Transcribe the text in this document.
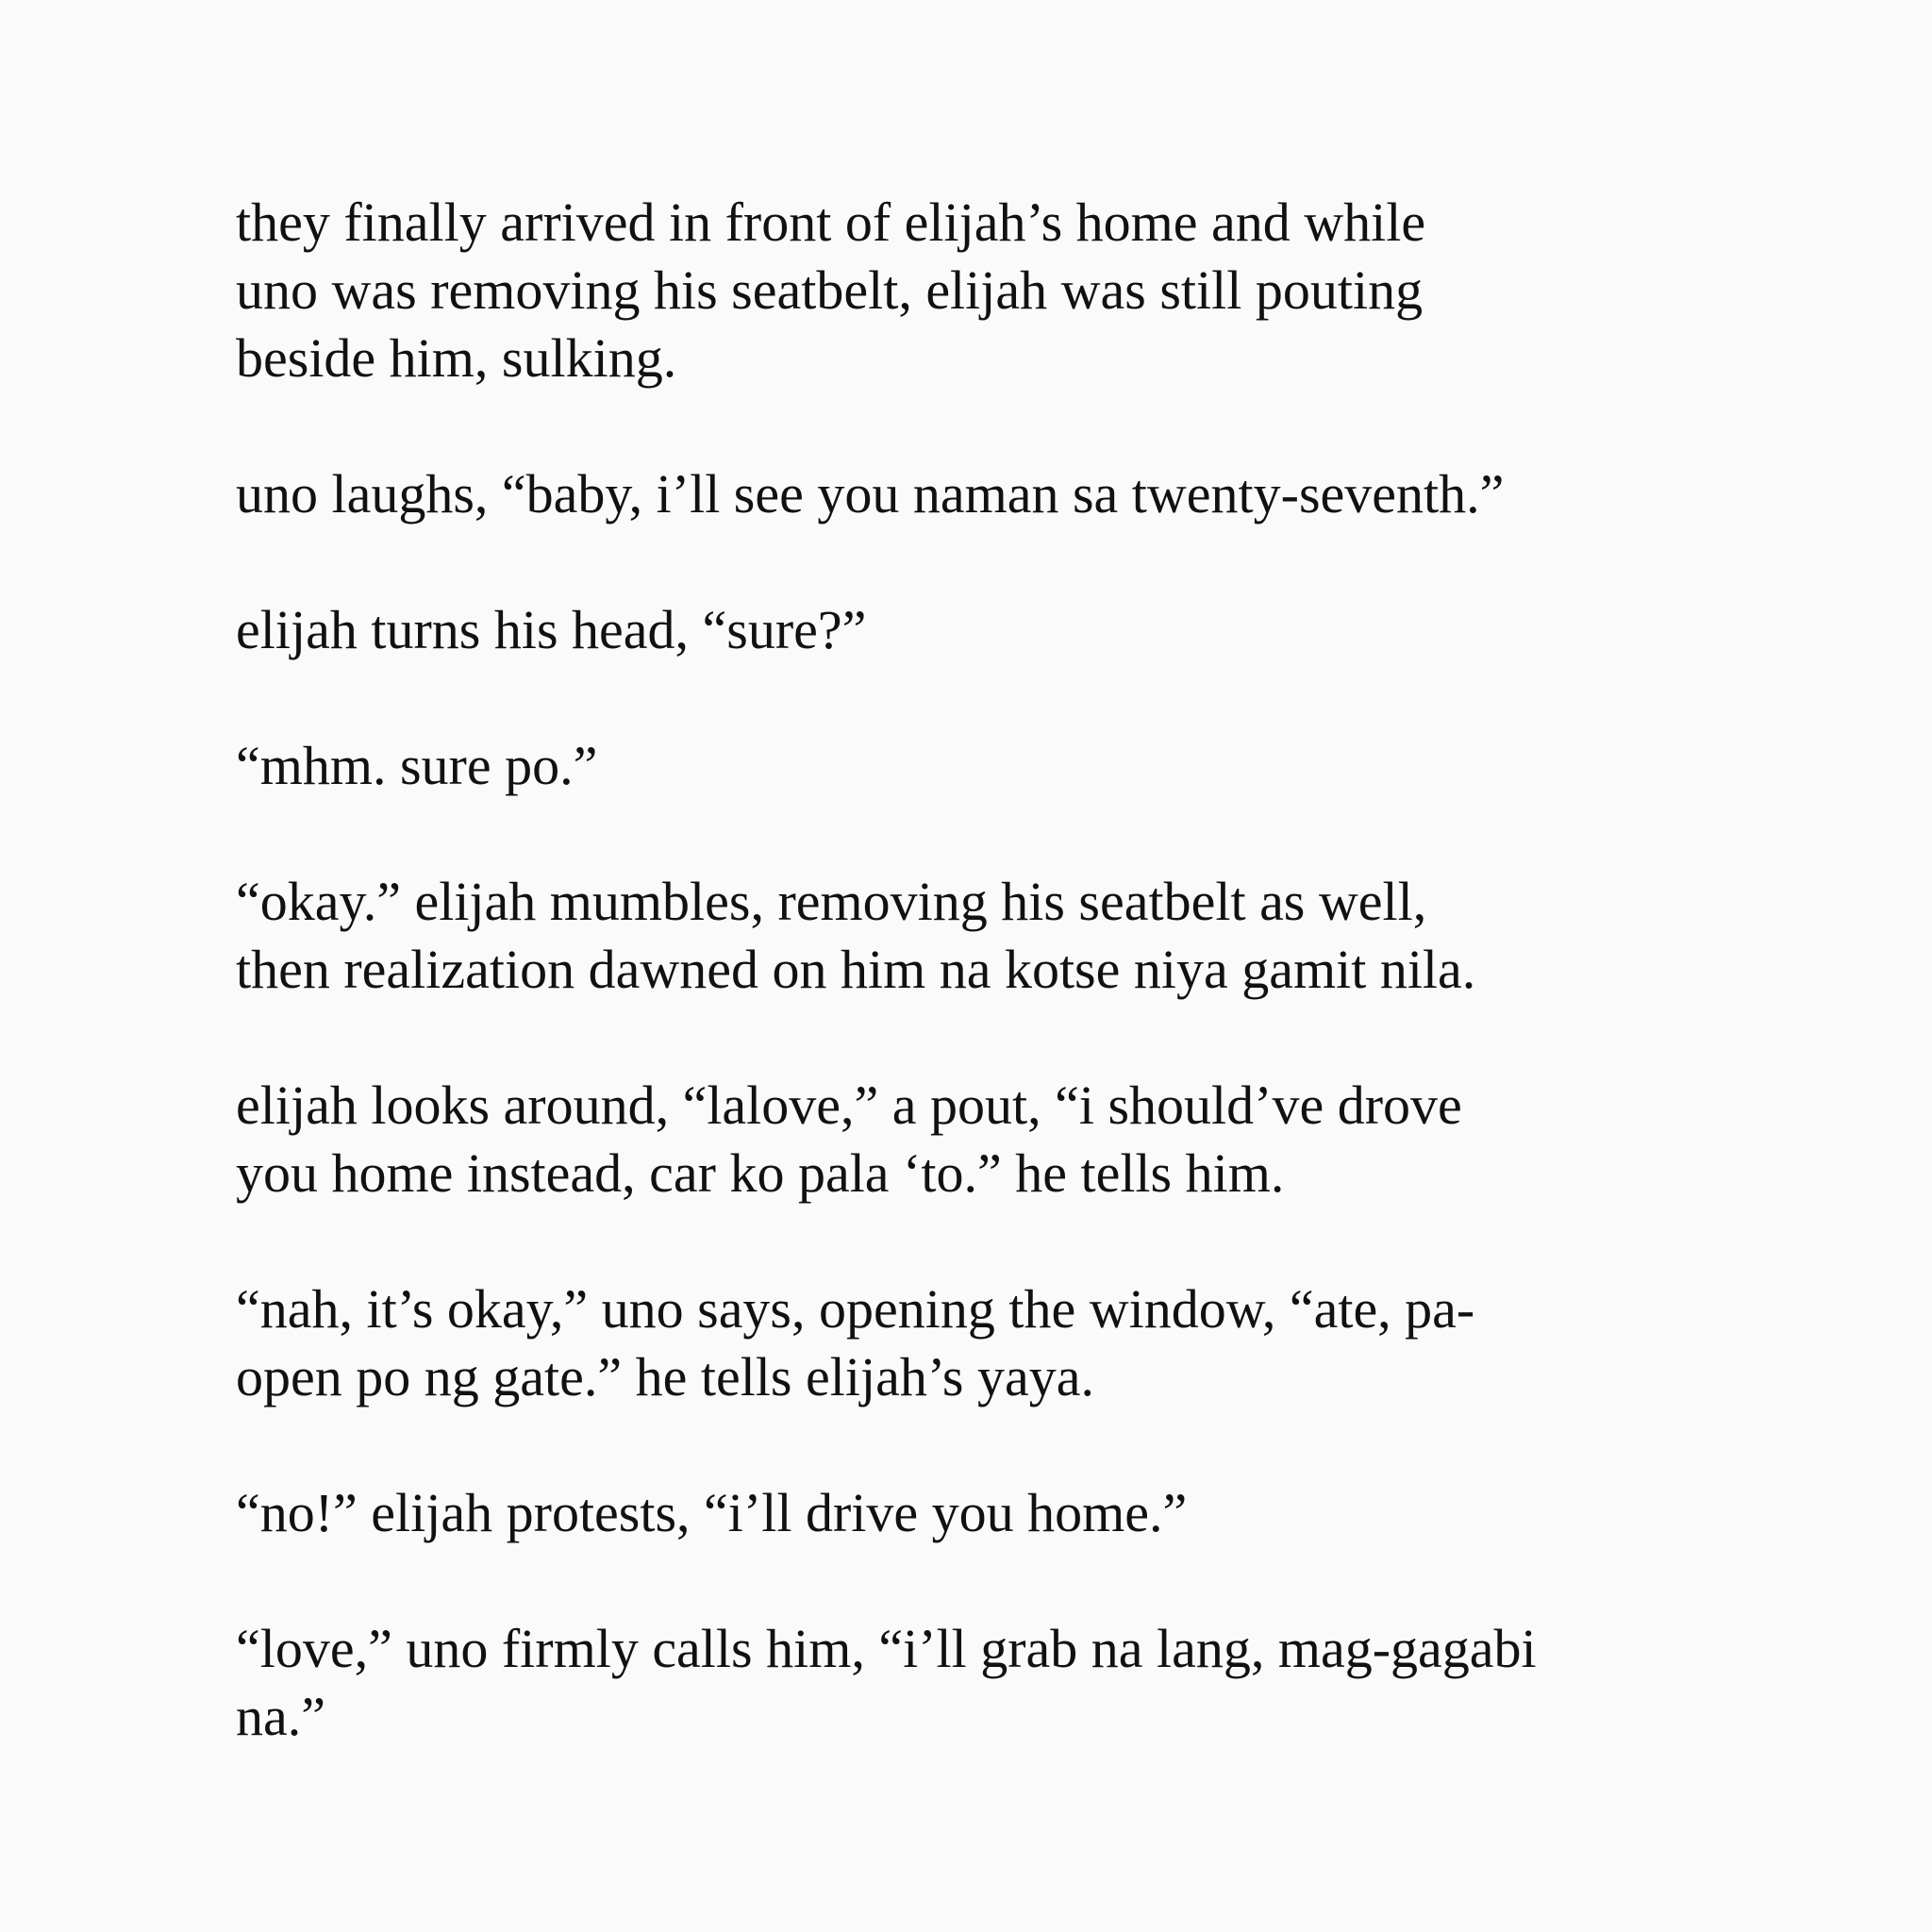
they finally arrived in front of elijah’s home and while
uno was removing his seatbelt, elijah was still pouting
beside him, sulking.

uno laughs, “baby, i’ll see you naman sa twenty-seventh.”

elijah turns his head, “sure?”

“mhm. sure po.”

“okay.” elijah mumbles, removing his seatbelt as well,
then realization dawned on him na kotse niya gamit nila.

elijah looks around, “lalove,” a pout, “i should’ve drove
you home instead, car ko pala ‘to.” he tells him.

“nah, it’s okay,” uno says, opening the window, “ate, pa-
open po ng gate.” he tells elijah’s yaya.

“no!” elijah protests, “i’ll drive you home.”

“love,” uno firmly calls him, “i’ll grab na lang, mag-gagabi
na.”
